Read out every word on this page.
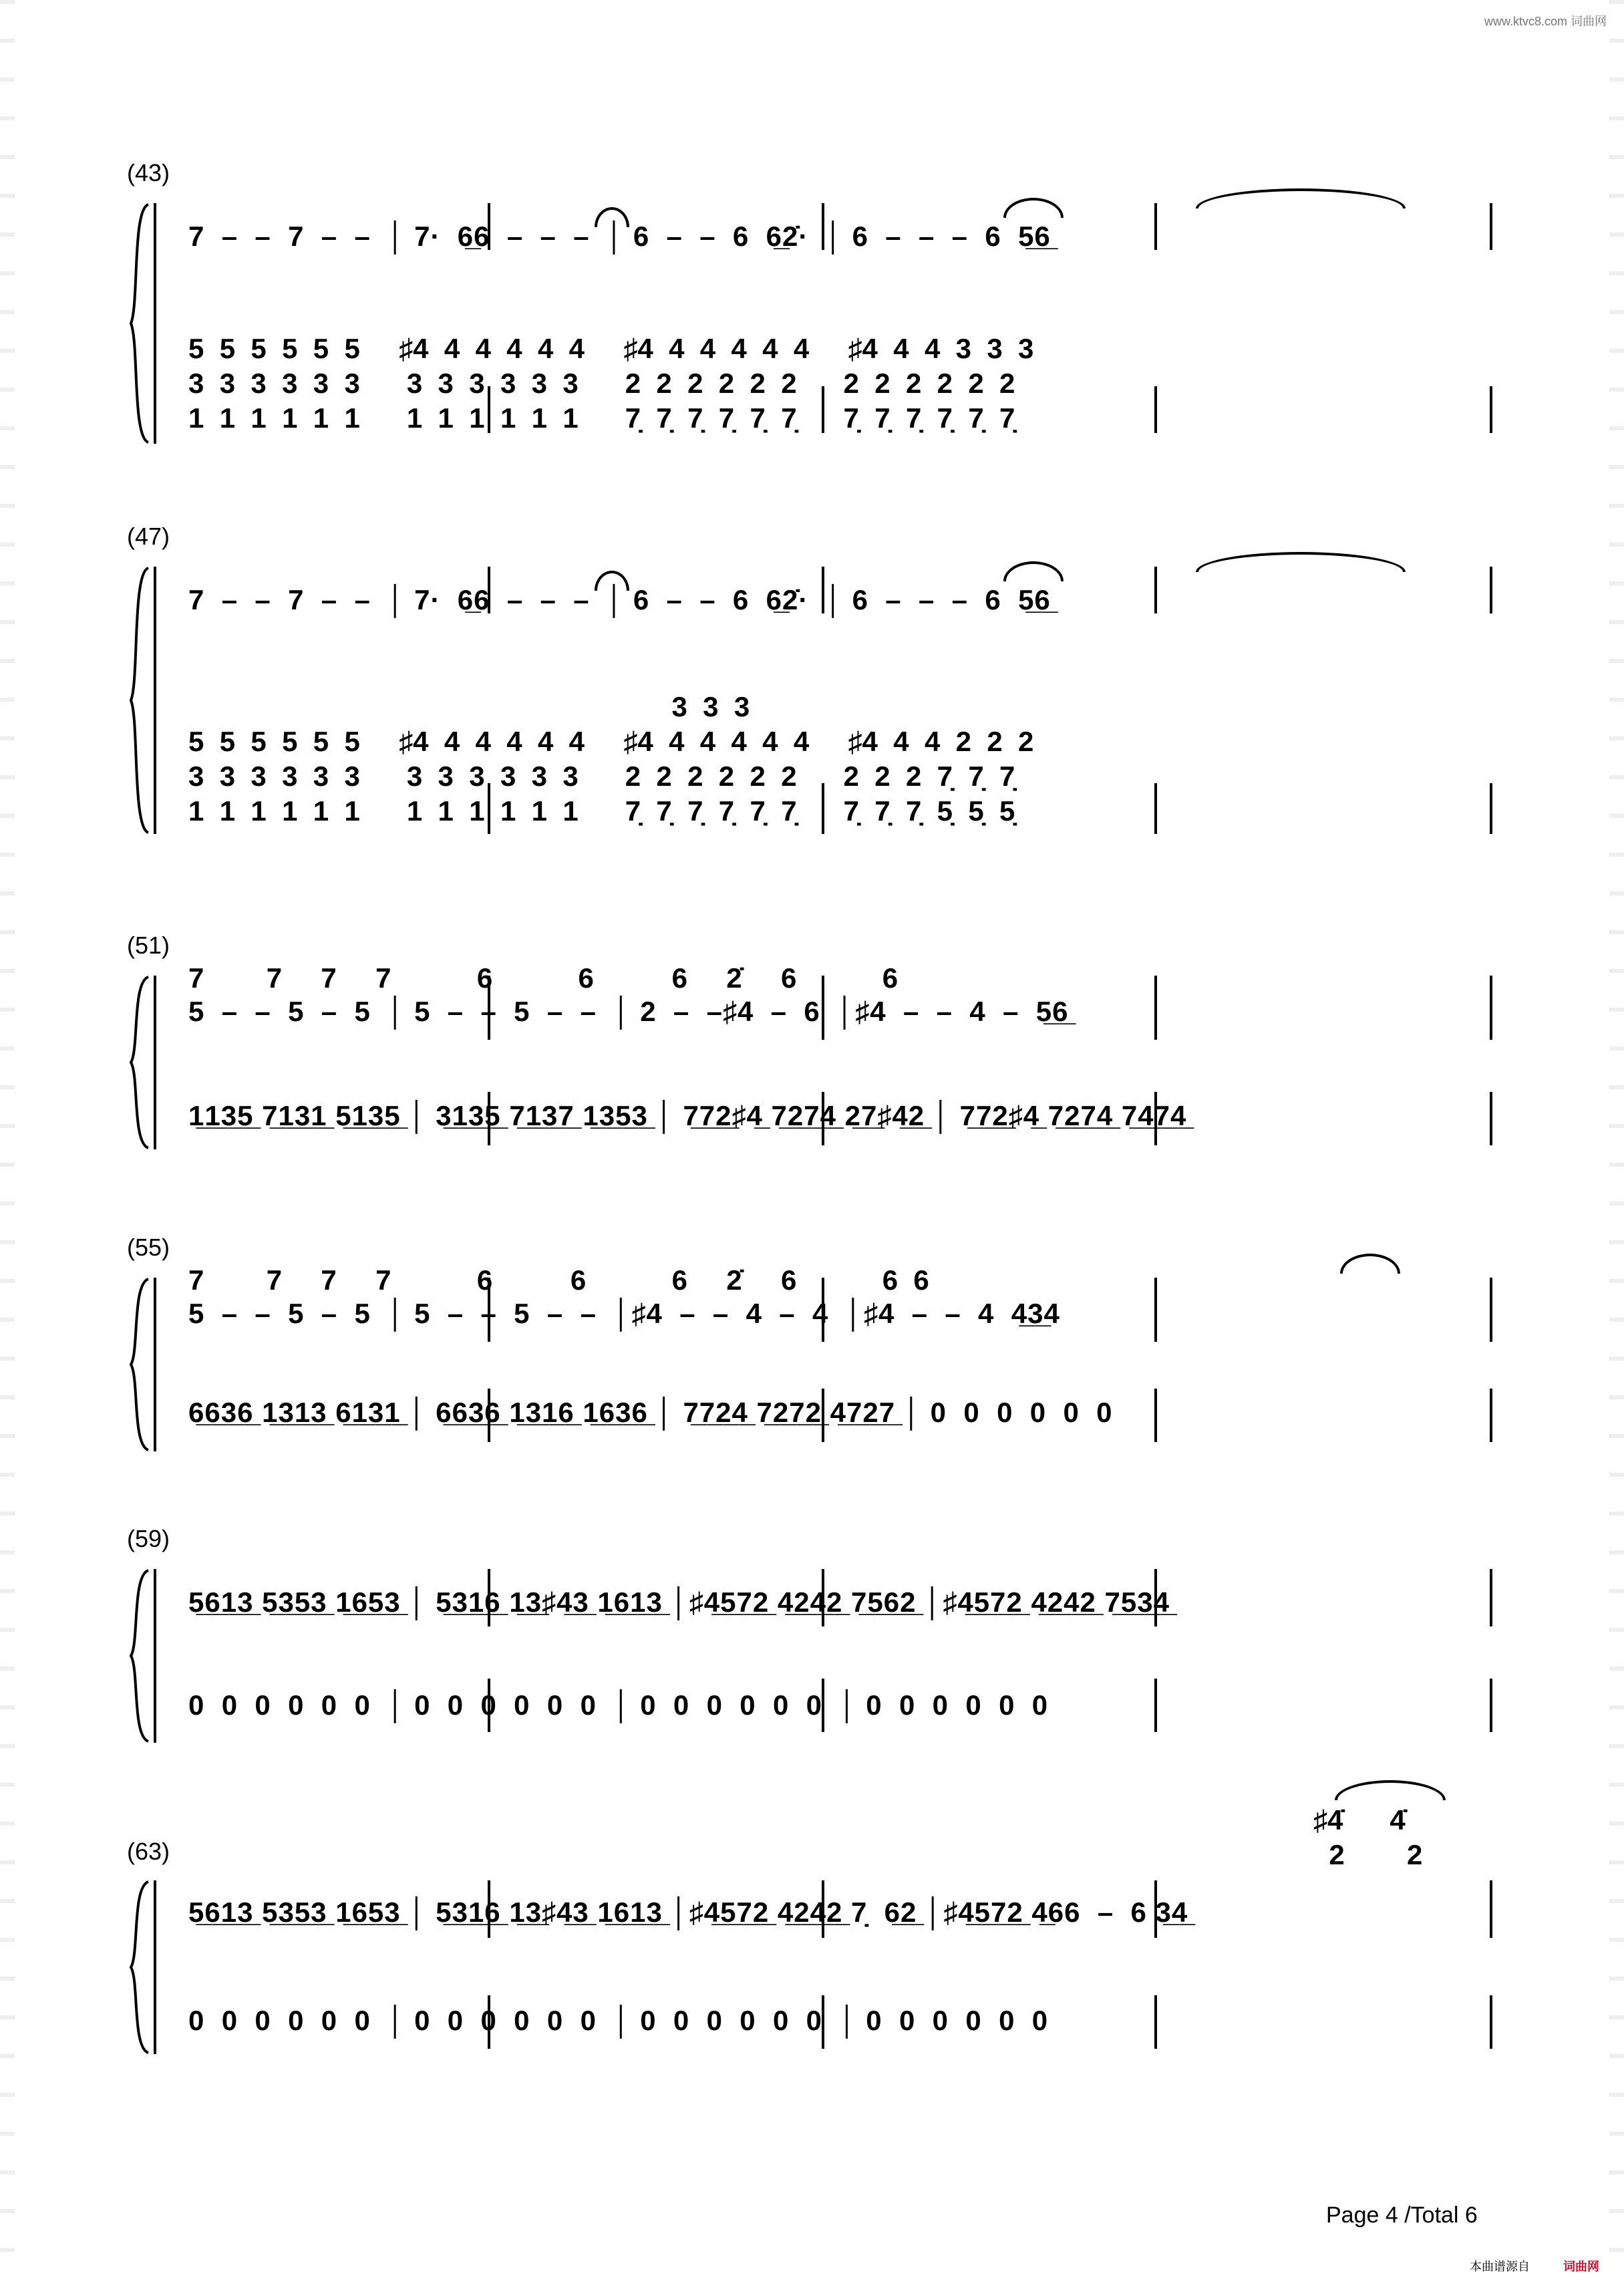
www.ktvc8.com 词曲网
(43)
7  –  –  7  –  –  │ 7·  6̲6  –  –  –  │ 6  –  –  6  6̲2̇·  │ 6  –  –  –  6  5̲6̲
5  5  5  5  5  5     ♯4  4  4  4  4  4     ♯4  4  4  4  4  4     ♯4  4  4  3  3  3
3  3  3  3  3  3      3  3  3  3  3  3      2  2  2  2  2  2      2  2  2  2  2  2
1  1  1  1  1  1      1  1  1  1  1  1      7̣  7̣  7̣  7̣  7̣  7̣      7̣  7̣  7̣  7̣  7̣  7̣
(47)
7  –  –  7  –  –  │ 7·  6̲6  –  –  –  │ 6  –  –  6  6̲2̇·  │ 6  –  –  –  6  5̲6̲
3  3  3
5  5  5  5  5  5     ♯4  4  4  4  4  4     ♯4  4  4  4  4  4     ♯4  4  4  2  2  2
3  3  3  3  3  3      3  3  3  3  3  3      2  2  2  2  2  2      2  2  2  7̣  7̣  7̣
1  1  1  1  1  1      1  1  1  1  1  1      7̣  7̣  7̣  7̣  7̣  7̣      7̣  7̣  7̣  5̣  5̣  5̣
(51)
7        7     7     7           6           6          6     2̇     6           6
5  –  –  5  –  5  │ 5  –  –  5  –  –  │ 2  –  –♯4  –  6  │♯4  –  –  4  –  5̲6̲
1̲1̲3̲5̲ 7̲1̲3̲1̲ 5̲1̲3̲5̲ │ 3̲1̲3̲5̲ 7̲1̲3̲7̲ 1̲3̲5̲3̲ │ 7̲7̲2̲♯4̲ 7̲2̲7̲4̲ 2̲7̲♯4̲2̲ │ 7̲7̲2̲♯4̲ 7̲2̲7̲4̲ 7̲4̲7̲4̲
(55)
7        7     7     7           6          6           6     2̇     6           6  6
5  –  –  5  –  5  │ 5  –  –  5  –  –  │♯4  –  –  4  –  4  │♯4  –  –  4  4̲3̲4
6̲6̲3̲6̲ 1̲3̲1̲3̲ 6̲1̲3̲1̲ │ 6̲6̲3̲6̲ 1̲3̲1̲6̲ 1̲6̲3̲6̲ │ 7̲7̲2̲4̲ 7̲2̲7̲2̲ 4̲7̲2̲7̲ │ 0  0  0  0  0  0
(59)
5̲6̲1̲3̲ 5̲3̲5̲3̲ 1̲6̲5̲3̲ │ 5̲3̲1̲6̲ 1̲3̲♯4̲3̲ 1̲6̲1̲3̲ │♯4̲5̲7̲2̲ 4̲2̲4̲2̲ 7̲5̲6̲2̲ │♯4̲5̲7̲2̲ 4̲2̲4̲2̲ 7̲5̲3̲4̲
0  0  0  0  0  0  │ 0  0  0  0  0  0  │ 0  0  0  0  0  0  │ 0  0  0  0  0  0
(63)
♯4̇      4̇
2        2
5̲6̲1̲3̲ 5̲3̲5̲3̲ 1̲6̲5̲3̲ │ 5̲3̲1̲6̲ 1̲3̲♯4̲3̲ 1̲6̲1̲3̲ │♯4̲5̲7̲2̲ 4̲2̲4̲2̲ 7̣  6̲2̲ │♯4̲5̲7̲2̲ 4̲66  –  6 3̲4̲
0  0  0  0  0  0  │ 0  0  0  0  0  0  │ 0  0  0  0  0  0  │ 0  0  0  0  0  0
Page 4 /Total 6
本曲谱源自	词曲网
